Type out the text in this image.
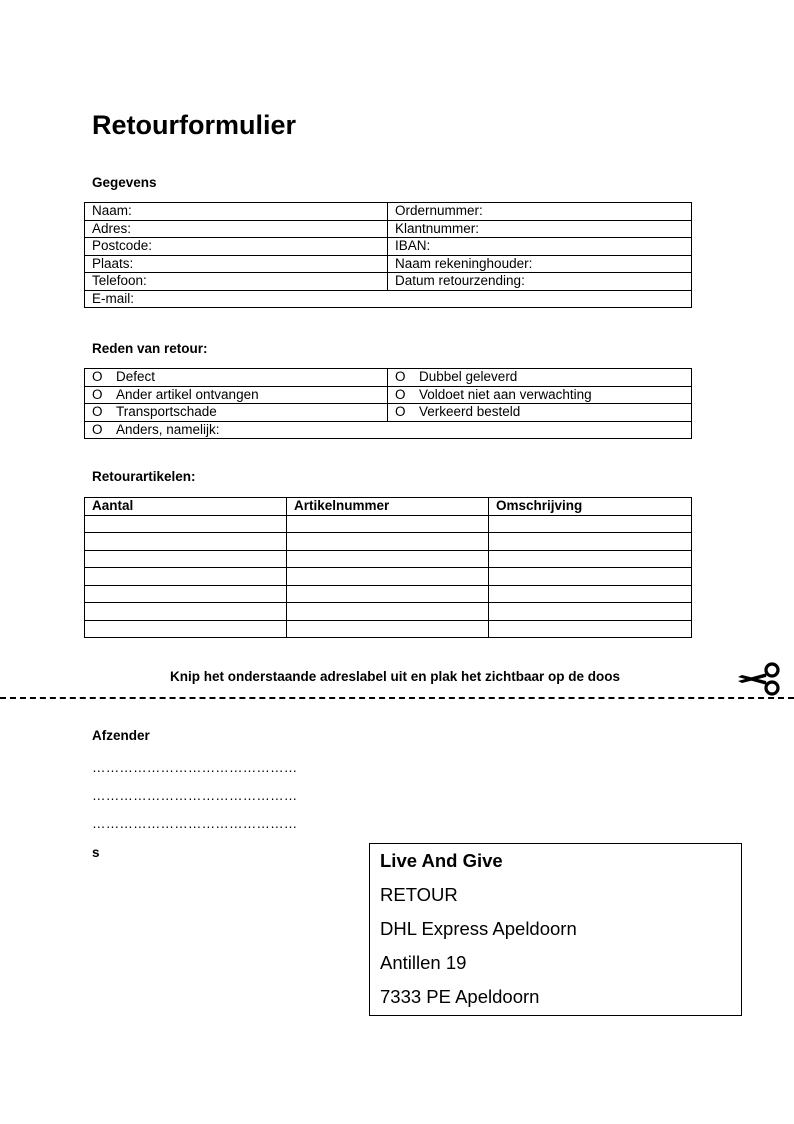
Retourformulier

Gegevens

Naam:	Ordernummer:
Adres:	Klantnummer:
Postcode:	IBAN:
Plaats:	Naam rekeninghouder:
Telefoon:	Datum retourzending:
E-mail:	

Reden van retour:

O Defect	O Dubbel geleverd
O Ander artikel ontvangen	O Voldoet niet aan verwachting
O Transportschade	O Verkeerd besteld
O Anders, namelijk:	

Retourartikelen:

Aantal	Artikelnummer	Omschrijving

Knip het onderstaande adreslabel uit en plak het zichtbaar op de doos

Afzender

………………………………………
………………………………………
………………………………………
s	Live And Give
RETOUR
DHL Express Apeldoorn
Antillen 19
7333 PE Apeldoorn
